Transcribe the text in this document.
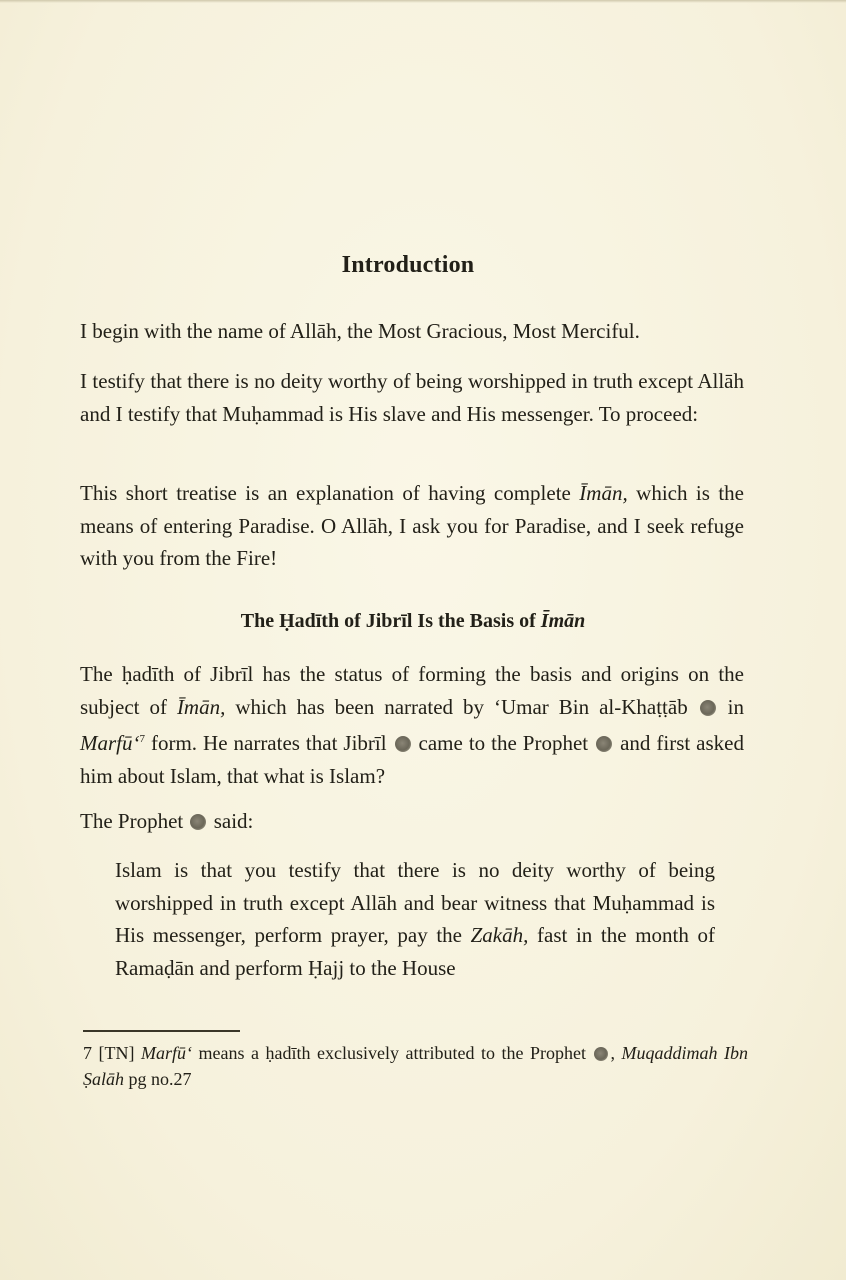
Introduction

I begin with the name of Allāh, the Most Gracious, Most Merciful.

I testify that there is no deity worthy of being worshipped in truth except Allāh and I testify that Muḥammad is His slave and His messenger. To proceed:

This short treatise is an explanation of having complete Īmān, which is the means of entering Paradise. O Allāh, I ask you for Paradise, and I seek refuge with you from the Fire!

The Ḥadīth of Jibrīl Is the Basis of Īmān

The ḥadīth of Jibrīl has the status of forming the basis and origins on the subject of Īmān, which has been narrated by ‘Umar Bin al-Khaṭṭāb  in Marfū‘$^7$ form. He narrates that Jibrīl  came to the Prophet  and first asked him about Islam, that what is Islam?

The Prophet  said:

Islam is that you testify that there is no deity worthy of being worshipped in truth except Allāh and bear witness that Muḥammad is His messenger, perform prayer, pay the Zakāh, fast in the month of Ramaḍān and perform Ḥajj to the House

7 [TN] Marfū‘ means a ḥadīth exclusively attributed to the Prophet , Muqaddimah Ibn Ṣalāh pg no.27
